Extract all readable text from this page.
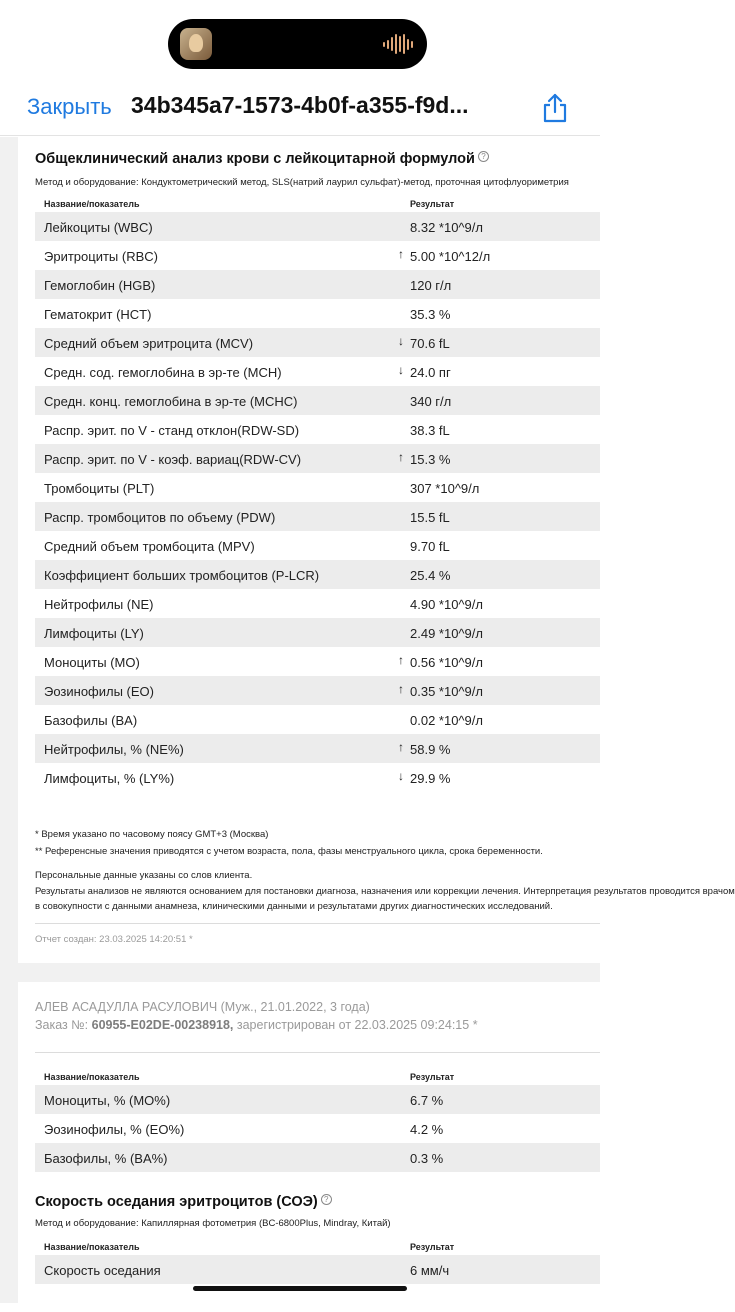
Закрыть 34b345a7-1573-4b0f-a355-f9d...
Общеклинический анализ крови с лейкоцитарной формулой ?
Метод и оборудование: Кондуктометрический метод, SLS(натрий лаурил сульфат)-метод, проточная цитофлуориметрия
Название/показатель	Результат
Лейкоциты (WBC)	8.32 *10^9/л
Эритроциты (RBC)	↑ 5.00 *10^12/л
Гемоглобин (HGB)	120 г/л
Гематокрит (HCT)	35.3 %
Средний объем эритроцита (MCV)	↓ 70.6 fL
Средн. сод. гемоглобина в эр-те (MCH)	↓ 24.0 пг
Средн. конц. гемоглобина в эр-те (MCHC)	340 г/л
Распр. эрит. по V - станд отклон(RDW-SD)	38.3 fL
Распр. эрит. по V - коэф. вариац(RDW-CV)	↑ 15.3 %
Тромбоциты (PLT)	307 *10^9/л
Распр. тромбоцитов по объему (PDW)	15.5 fL
Средний объем тромбоцита (MPV)	9.70 fL
Коэффициент больших тромбоцитов (P-LCR)	25.4 %
Нейтрофилы (NE)	4.90 *10^9/л
Лимфоциты (LY)	2.49 *10^9/л
Моноциты (MO)	↑ 0.56 *10^9/л
Эозинофилы (EO)	↑ 0.35 *10^9/л
Базофилы (BA)	0.02 *10^9/л
Нейтрофилы, % (NE%)	↑ 58.9 %
Лимфоциты, % (LY%)	↓ 29.9 %
* Время указано по часовому поясу GMT+3 (Москва)
** Референсные значения приводятся с учетом возраста, пола, фазы менструального цикла, срока беременности.
Персональные данные указаны со слов клиента.
Результаты анализов не являются основанием для постановки диагноза, назначения или коррекции лечения. Интерпретация результатов проводится врачом
в совокупности с данными анамнеза, клиническими данными и результатами других диагностических исследований.
Отчет создан: 23.03.2025 14:20:51 *
АЛЕВ АСАДУЛЛА РАСУЛОВИЧ (Муж., 21.01.2022, 3 года)
Заказ №: 60955-E02DE-00238918, зарегистрирован от 22.03.2025 09:24:15 *
Название/показатель	Результат
Моноциты, % (MO%)	6.7 %
Эозинофилы, % (EO%)	4.2 %
Базофилы, % (BA%)	0.3 %
Скорость оседания эритроцитов (СОЭ) ?
Метод и оборудование: Капиллярная фотометрия (BC-6800Plus, Mindray, Китай)
Название/показатель	Результат
Скорость оседания	6 мм/ч
